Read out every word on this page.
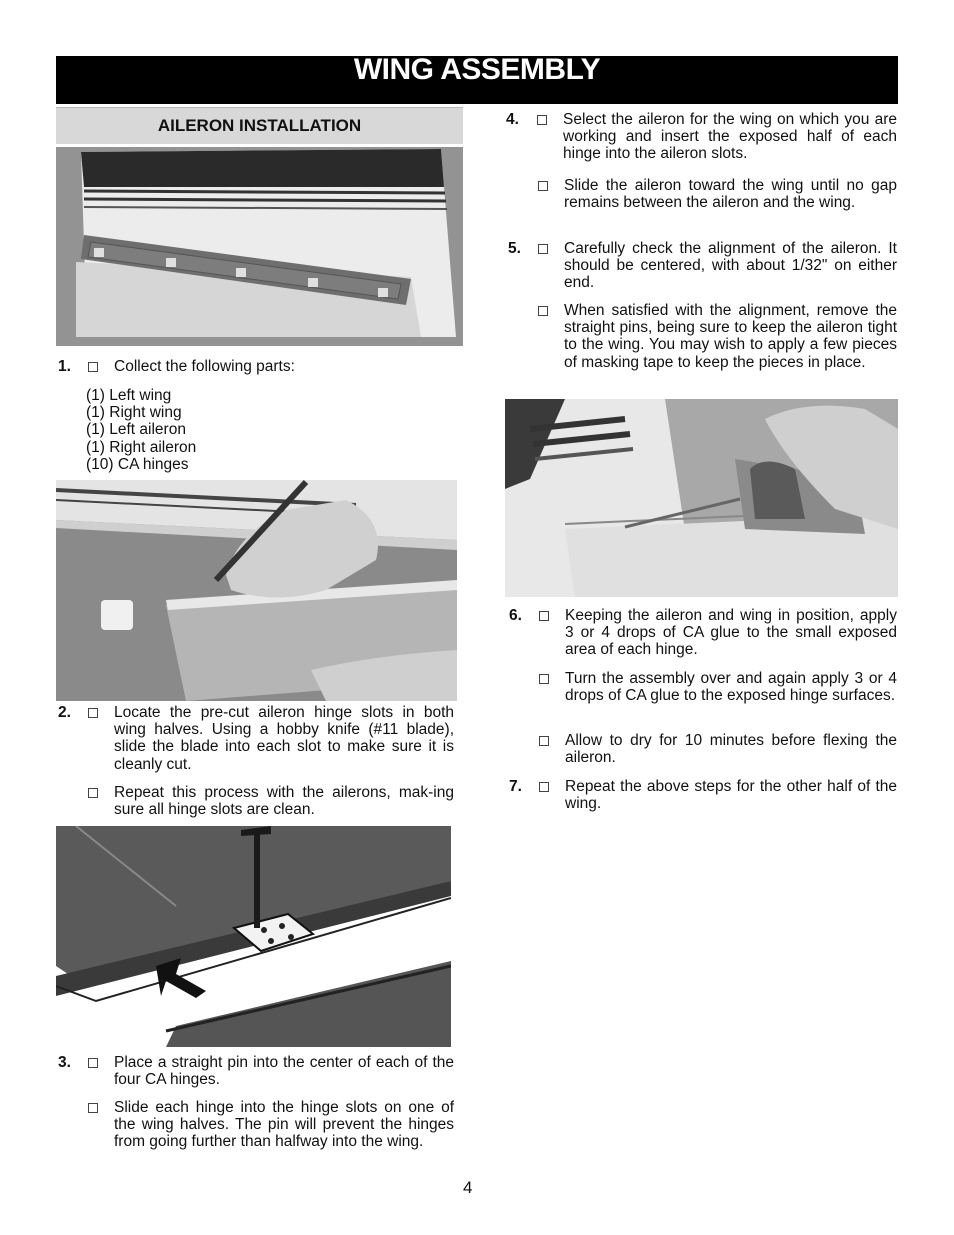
WING ASSEMBLY
AILERON INSTALLATION
1.	Collect the following parts:
(1) Left wing
(1) Right wing
(1) Left aileron
(1) Right aileron
(10) CA hinges
2.	Locate the pre-cut aileron hinge slots in both wing halves. Using a hobby knife (#11 blade), slide the blade into each slot to make sure it is cleanly cut.
Repeat this process with the ailerons, mak-ing sure all hinge slots are clean.
3.	Place a straight pin into the center of each of the four CA hinges.
Slide each hinge into the hinge slots on one of the wing halves. The pin will prevent the hinges from going further than halfway into the wing.
4.	Select the aileron for the wing on which you are working and insert the exposed half of each hinge into the aileron slots.
Slide the aileron toward the wing until no gap remains between the aileron and the wing.
5.	Carefully check the alignment of the aileron. It should be centered, with about 1/32" on either end.
When satisfied with the alignment, remove the straight pins, being sure to keep the aileron tight to the wing. You may wish to apply a few pieces of masking tape to keep the pieces in place.
6.	Keeping the aileron and wing in position, apply 3 or 4 drops of CA glue to the small exposed area of each hinge.
Turn the assembly over and again apply 3 or 4 drops of CA glue to the exposed hinge surfaces.
Allow to dry for 10 minutes before flexing the aileron.
7.	Repeat the above steps for the other half of the wing.
4
